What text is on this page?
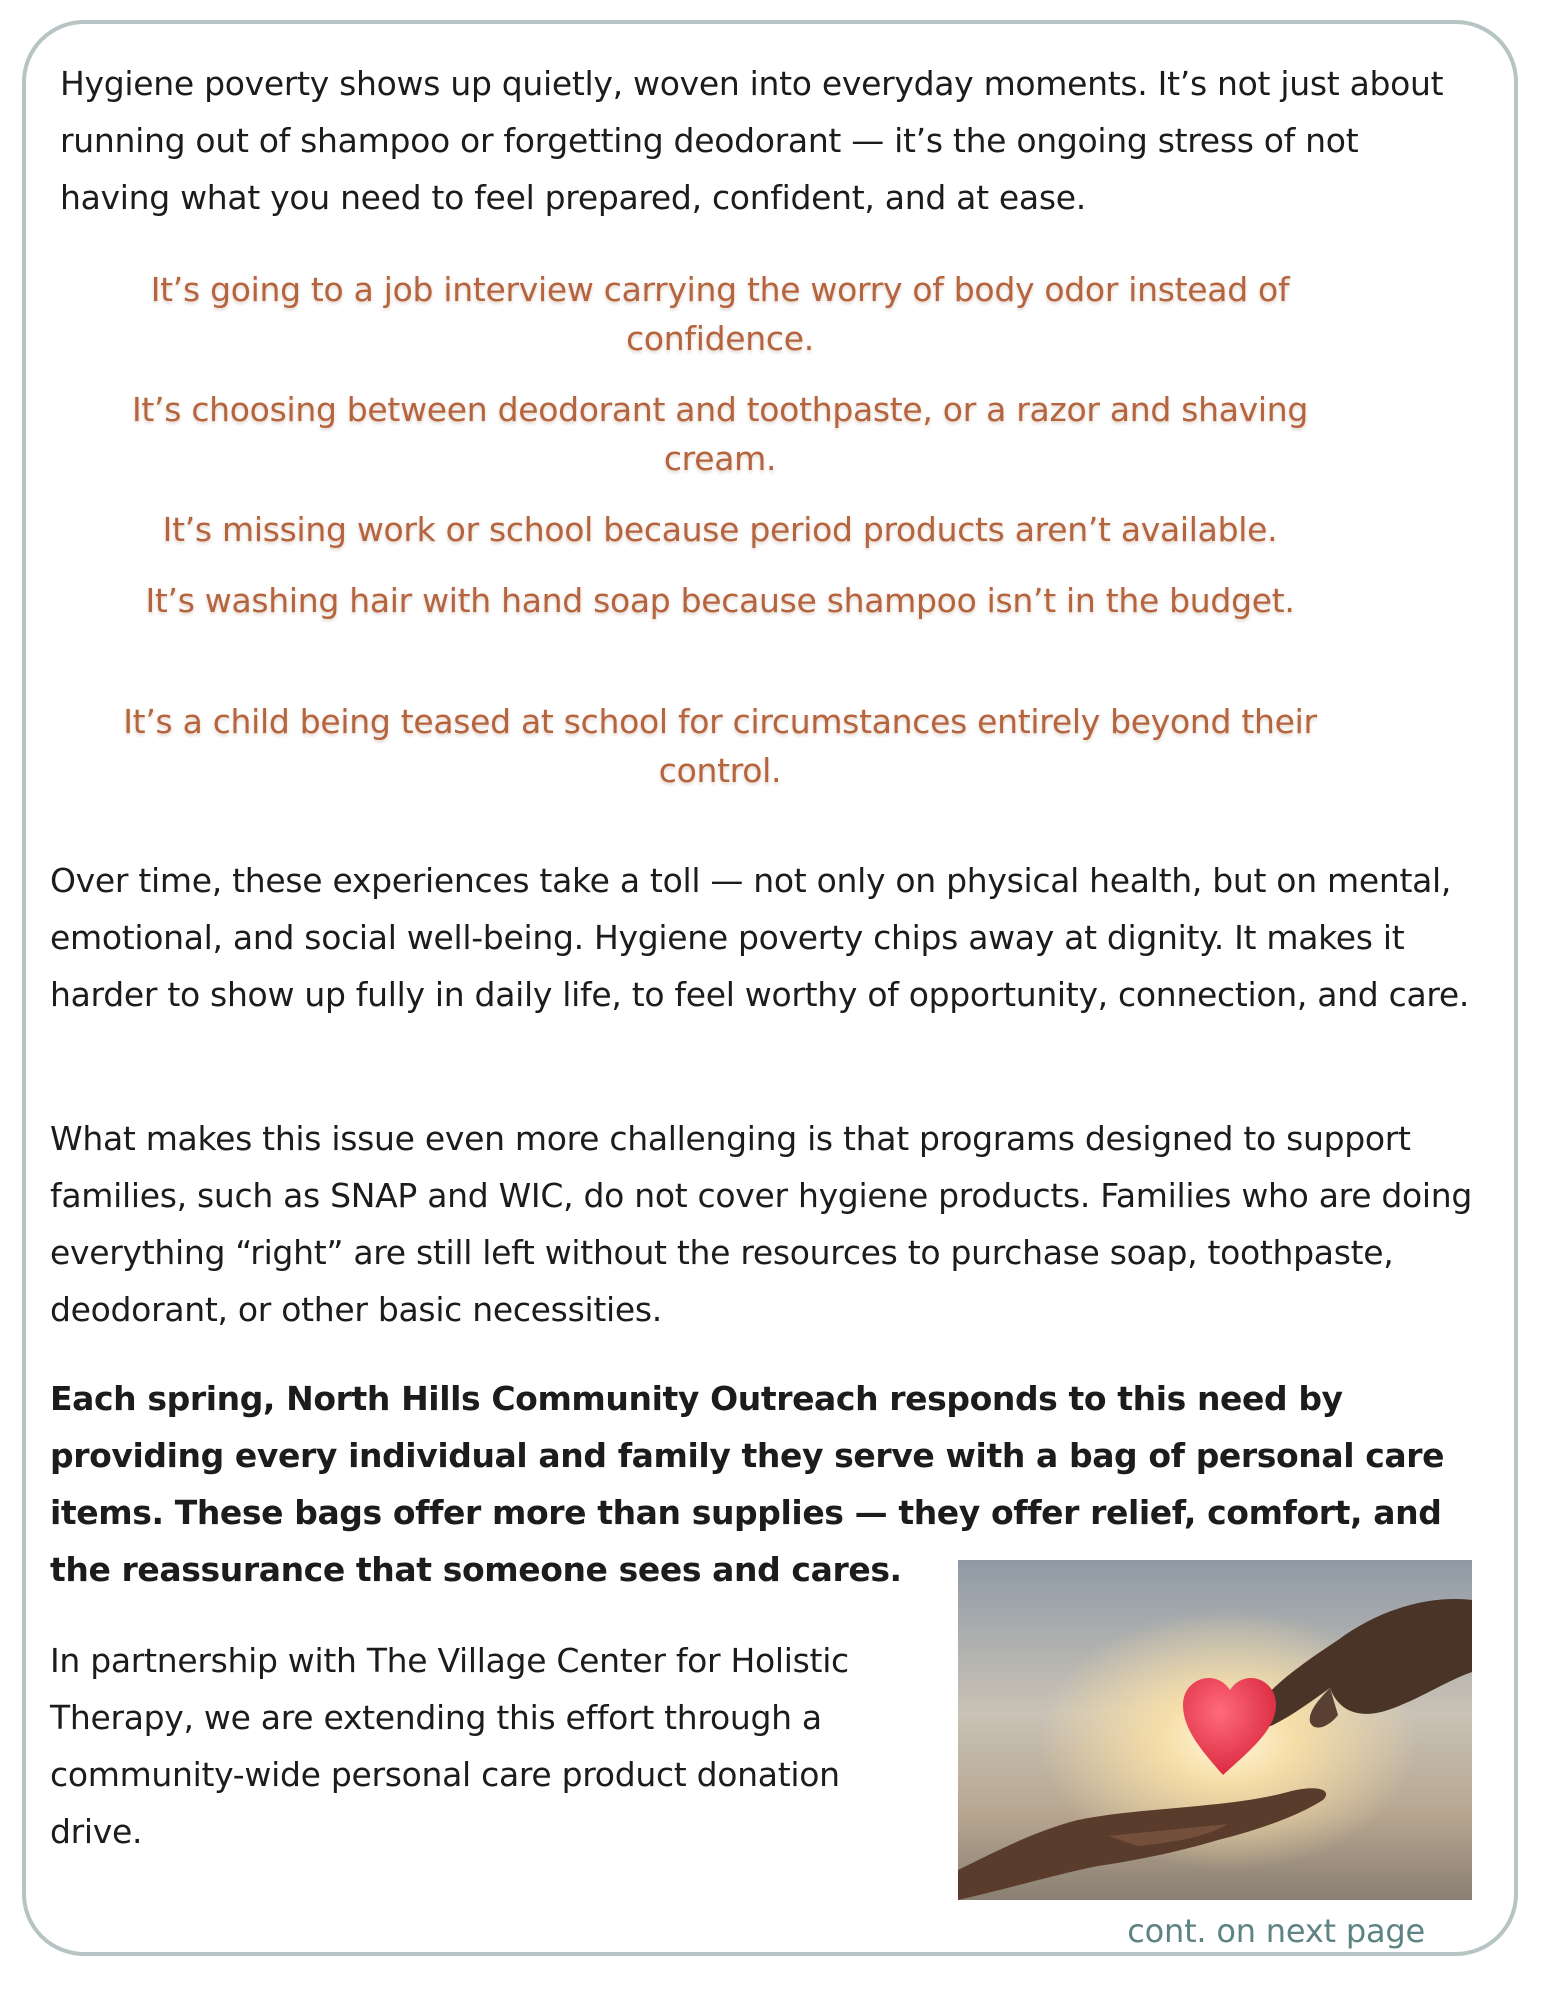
Hygiene poverty shows up quietly, woven into everyday moments. It’s not just about running out of shampoo or forgetting deodorant — it’s the ongoing stress of not having what you need to feel prepared, confident, and at ease.

It’s going to a job interview carrying the worry of body odor instead of confidence.
It’s choosing between deodorant and toothpaste, or a razor and shaving cream.
It’s missing work or school because period products aren’t available.
It’s washing hair with hand soap because shampoo isn’t in the budget.
It’s a child being teased at school for circumstances entirely beyond their control.

Over time, these experiences take a toll — not only on physical health, but on mental, emotional, and social well-being. Hygiene poverty chips away at dignity. It makes it harder to show up fully in daily life, to feel worthy of opportunity, connection, and care.

What makes this issue even more challenging is that programs designed to support families, such as SNAP and WIC, do not cover hygiene products. Families who are doing everything “right” are still left without the resources to purchase soap, toothpaste, deodorant, or other basic necessities.

Each spring, North Hills Community Outreach responds to this need by providing every individual and family they serve with a bag of personal care items. These bags offer more than supplies — they offer relief, comfort, and the reassurance that someone sees and cares.

In partnership with The Village Center for Holistic Therapy, we are extending this effort through a community-wide personal care product donation drive.

cont. on next page
